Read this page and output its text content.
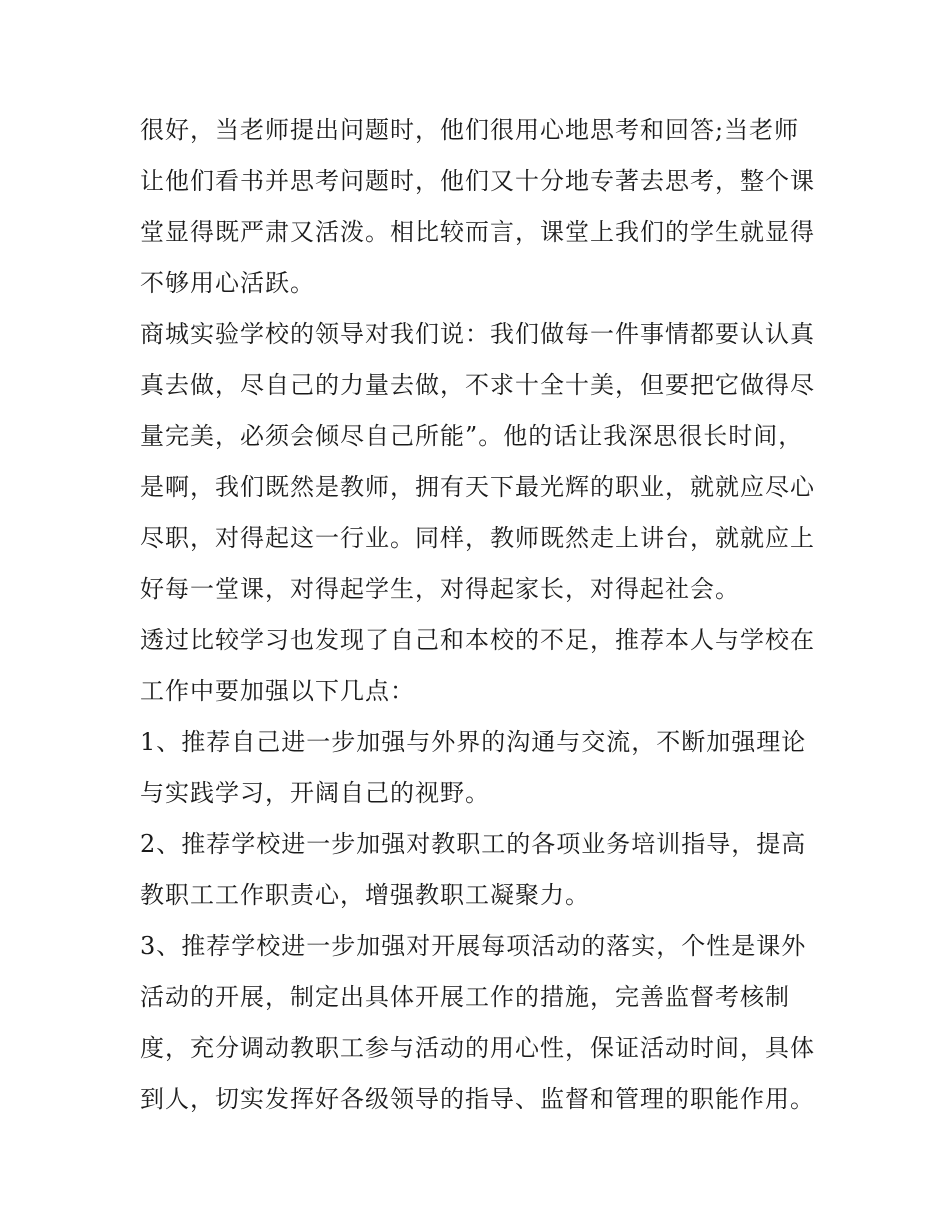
很好，当老师提出问题时，他们很用心地思考和回答;当老师
让他们看书并思考问题时，他们又十分地专著去思考，整个课
堂显得既严肃又活泼。相比较而言，课堂上我们的学生就显得
不够用心活跃。

商城实验学校的领导对我们说：我们做每一件事情都要认认真
真去做，尽自己的力量去做，不求十全十美，但要把它做得尽
量完美，必须会倾尽自己所能”。他的话让我深思很长时间，
是啊，我们既然是教师，拥有天下最光辉的职业，就就应尽心
尽职，对得起这一行业。同样，教师既然走上讲台，就就应上
好每一堂课，对得起学生，对得起家长，对得起社会。

透过比较学习也发现了自己和本校的不足，推荐本人与学校在
工作中要加强以下几点：

1、推荐自己进一步加强与外界的沟通与交流，不断加强理论
与实践学习，开阔自己的视野。

2、推荐学校进一步加强对教职工的各项业务培训指导，提高
教职工工作职责心，增强教职工凝聚力。

3、推荐学校进一步加强对开展每项活动的落实，个性是课外
活动的开展，制定出具体开展工作的措施，完善监督考核制
度，充分调动教职工参与活动的用心性，保证活动时间，具体
到人，切实发挥好各级领导的指导、监督和管理的职能作用。
